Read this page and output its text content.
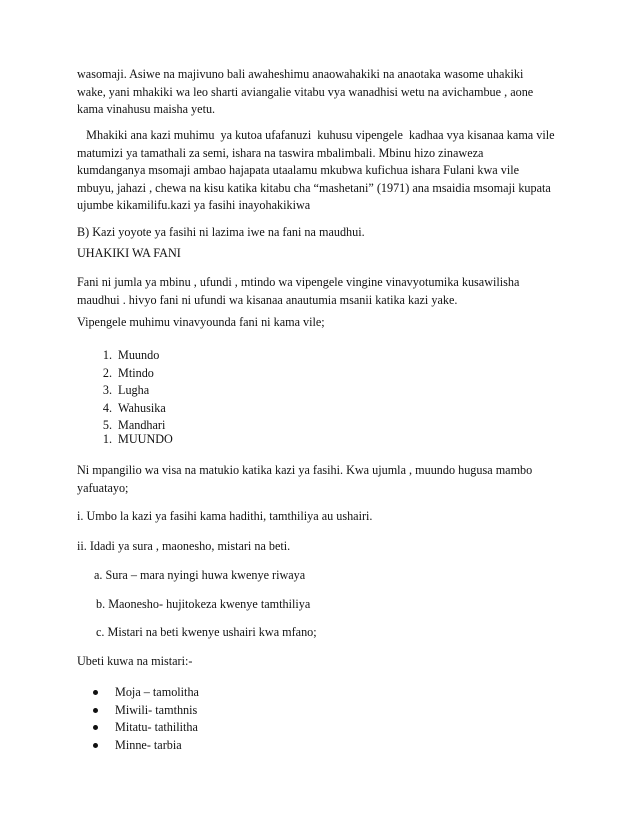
wasomaji. Asiwe na majivuno bali awaheshimu anaowahakiki na anaotaka wasome uhakiki
wake, yani mhakiki wa leo sharti aviangalie vitabu vya wanadhisi wetu na avichambue , aone
kama vinahusu maisha yetu.
Mhakiki ana kazi muhimu  ya kutoa ufafanuzi  kuhusu vipengele  kadhaa vya kisanaa kama vile
matumizi ya tamathali za semi, ishara na taswira mbalimbali. Mbinu hizo zinaweza
kumdanganya msomaji ambao hajapata utaalamu mkubwa kufichua ishara Fulani kwa vile
mbuyu, jahazi , chewa na kisu katika kitabu cha “mashetani” (1971) ana msaidia msomaji kupata
ujumbe kikamilifu.kazi ya fasihi inayohakikiwa
B) Kazi yoyote ya fasihi ni lazima iwe na fani na maudhui.
UHAKIKI WA FANI
Fani ni jumla ya mbinu , ufundi , mtindo wa vipengele vingine vinavyotumika kusawilisha
maudhui . hivyo fani ni ufundi wa kisanaa anautumia msanii katika kazi yake.
Vipengele muhimu vinavyounda fani ni kama vile;
1. Muundo
2. Mtindo
3. Lugha
4. Wahusika
5. Mandhari
1. MUUNDO
Ni mpangilio wa visa na matukio katika kazi ya fasihi. Kwa ujumla , muundo hugusa mambo
yafuatayo;
i. Umbo la kazi ya fasihi kama hadithi, tamthiliya au ushairi.
ii. Idadi ya sura , maonesho, mistari na beti.
a. Sura – mara nyingi huwa kwenye riwaya
b. Maonesho- hujitokeza kwenye tamthiliya
c. Mistari na beti kwenye ushairi kwa mfano;
Ubeti kuwa na mistari:-
Moja – tamolitha
Miwili- tamthnis
Mitatu- tathilitha
Minne- tarbia
